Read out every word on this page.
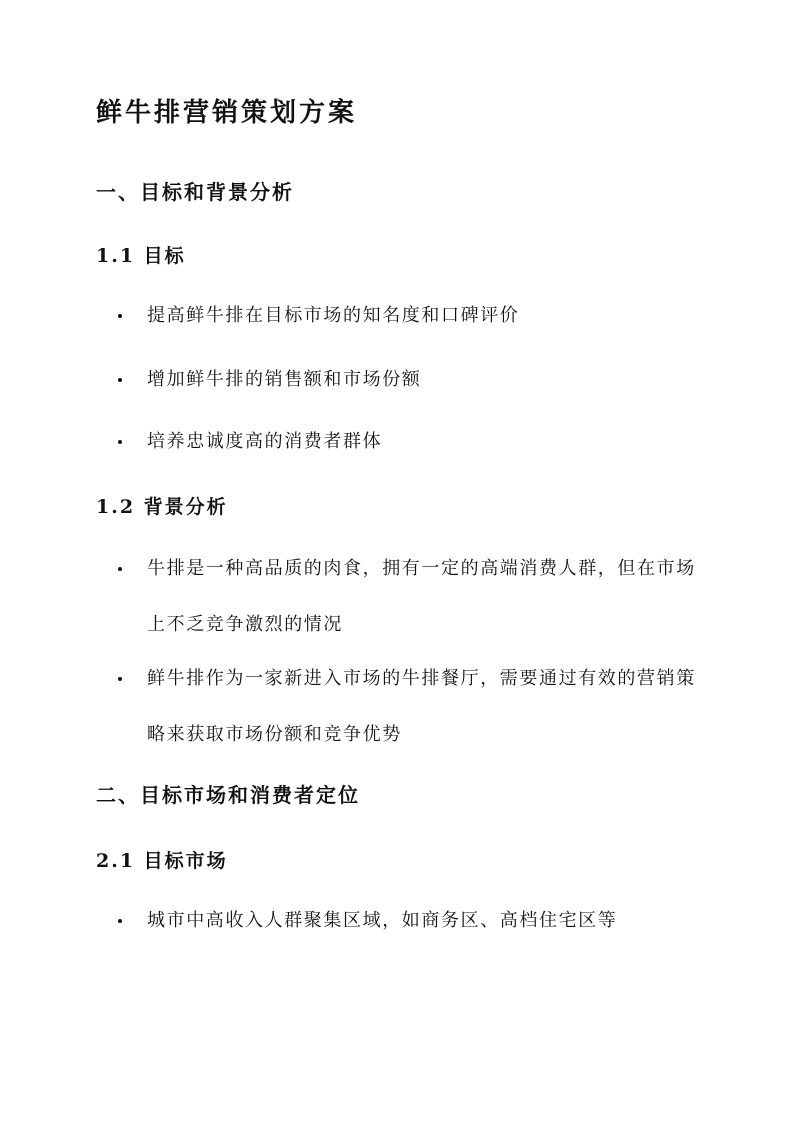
鲜牛排营销策划方案
一、目标和背景分析
1.1 目标
提高鲜牛排在目标市场的知名度和口碑评价
增加鲜牛排的销售额和市场份额
培养忠诚度高的消费者群体
1.2 背景分析
牛排是一种高品质的肉食，拥有一定的高端消费人群，但在市场上不乏竞争激烈的情况
鲜牛排作为一家新进入市场的牛排餐厅，需要通过有效的营销策略来获取市场份额和竞争优势
二、目标市场和消费者定位
2.1 目标市场
城市中高收入人群聚集区域，如商务区、高档住宅区等
